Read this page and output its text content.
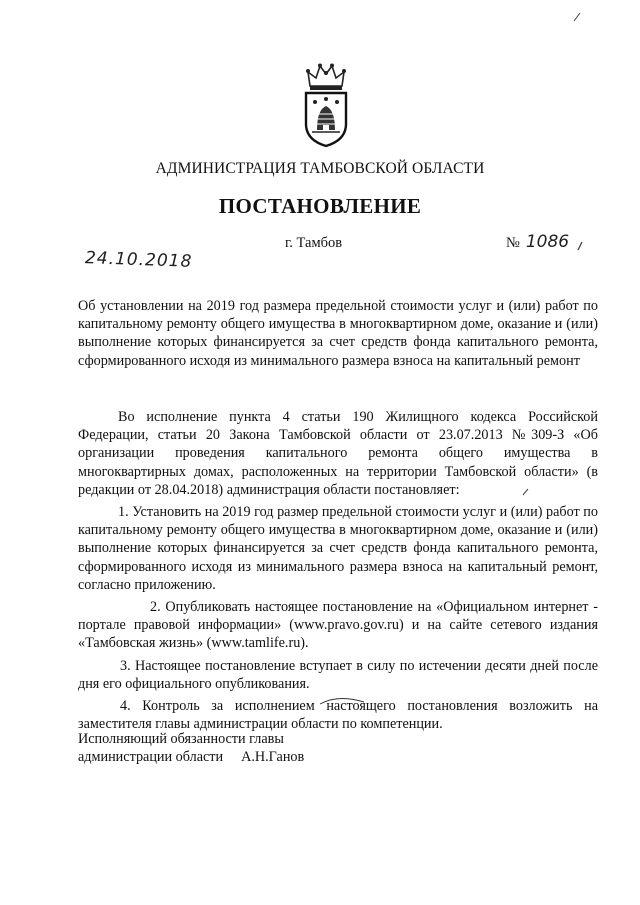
АДМИНИСТРАЦИЯ ТАМБОВСКОЙ ОБЛАСТИ
ПОСТАНОВЛЕНИЕ
г. Тамбов
24.10.2018
№ 1086
Об установлении на 2019 год размера предельной стоимости услуг и (или) работ по капитальному ремонту общего имущества в многоквартирном доме, оказание и (или) выполнение которых финансируется за счет средств фонда капитального ремонта, сформированного исходя из минимального размера взноса на капитальный ремонт

Во исполнение пункта 4 статьи 190 Жилищного кодекса Российской Федерации, статьи 20 Закона Тамбовской области от 23.07.2013 №309-З «Об организации проведения капитального ремонта общего имущества в многоквартирных домах, расположенных на территории Тамбовской области» (в редакции от 28.04.2018) администрация области постановляет:

1. Установить на 2019 год размер предельной стоимости услуг и (или) работ по капитальному ремонту общего имущества в многоквартирном доме, оказание и (или) выполнение которых финансируется за счет средств фонда капитального ремонта, сформированного исходя из минимального размера взноса на капитальный ремонт, согласно приложению.

2. Опубликовать настоящее постановление на «Официальном интернет - портале правовой информации» (www.pravo.gov.ru) и на сайте сетевого издания «Тамбовская жизнь» (www.tamlife.ru).

3. Настоящее постановление вступает в силу по истечении десяти дней после дня его официального опубликования.

4. Контроль за исполнением настоящего постановления возложить на заместителя главы администрации области по компетенции.

Исполняющий обязанности главы
администрации области А.Н.Ганов
